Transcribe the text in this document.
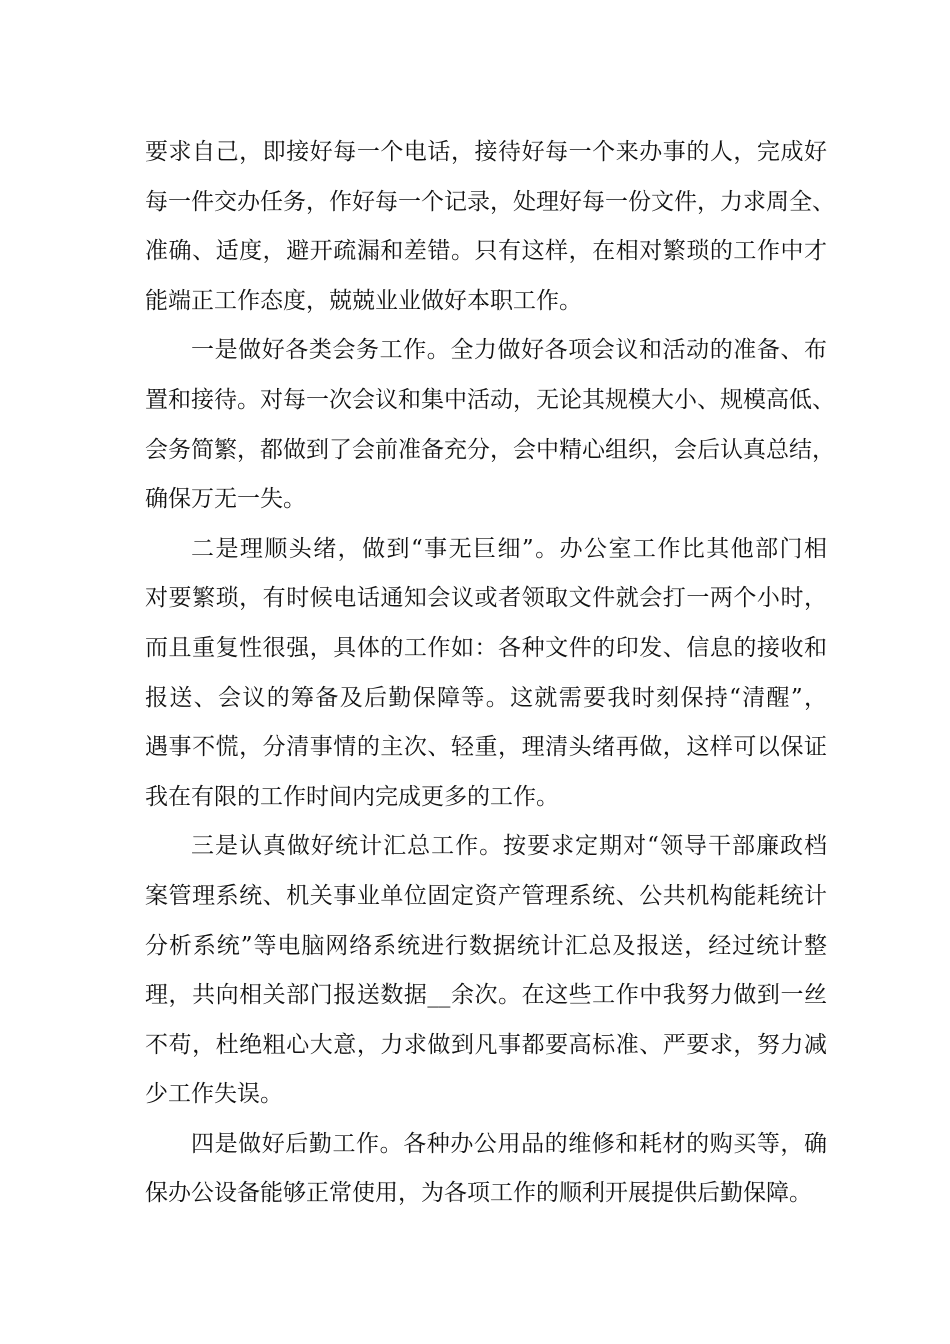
要求自己，即接好每一个电话，接待好每一个来办事的人，完成好
每一件交办任务，作好每一个记录，处理好每一份文件，力求周全、
准确、适度，避开疏漏和差错。只有这样，在相对繁琐的工作中才
能端正工作态度，兢兢业业做好本职工作。
一是做好各类会务工作。全力做好各项会议和活动的准备、布
置和接待。对每一次会议和集中活动，无论其规模大小、规模高低、
会务简繁，都做到了会前准备充分，会中精心组织，会后认真总结，
确保万无一失。
二是理顺头绪，做到“事无巨细”。办公室工作比其他部门相
对要繁琐，有时候电话通知会议或者领取文件就会打一两个小时，
而且重复性很强，具体的工作如：各种文件的印发、信息的接收和
报送、会议的筹备及后勤保障等。这就需要我时刻保持“清醒”，
遇事不慌，分清事情的主次、轻重，理清头绪再做，这样可以保证
我在有限的工作时间内完成更多的工作。
三是认真做好统计汇总工作。按要求定期对“领导干部廉政档
案管理系统、机关事业单位固定资产管理系统、公共机构能耗统计
分析系统”等电脑网络系统进行数据统计汇总及报送，经过统计整
理，共向相关部门报送数据__余次。在这些工作中我努力做到一丝
不苟，杜绝粗心大意，力求做到凡事都要高标准、严要求，努力减
少工作失误。
四是做好后勤工作。各种办公用品的维修和耗材的购买等，确
保办公设备能够正常使用，为各项工作的顺利开展提供后勤保障。
